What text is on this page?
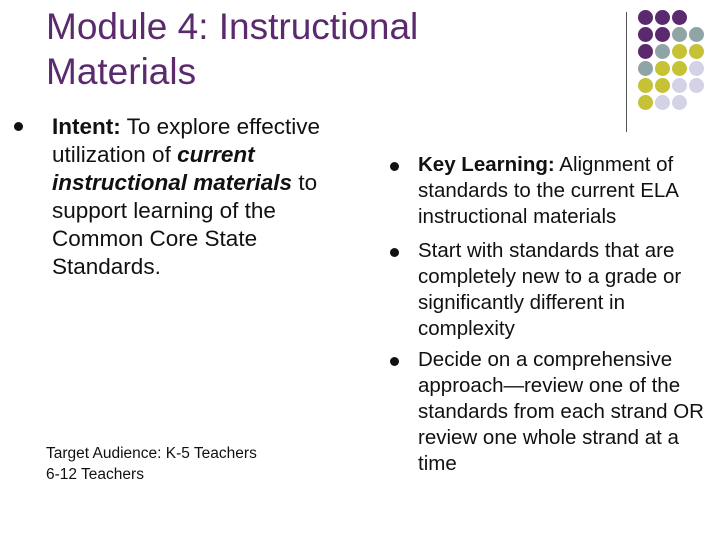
Module 4: Instructional
Materials

Intent: To explore effective utilization of current instructional materials to support learning of the Common Core State Standards.

Target Audience: K-5 Teachers
6-12 Teachers

Key Learning: Alignment of standards to the current ELA instructional materials

Start with standards that are completely new to a grade or significantly different in complexity

Decide on a comprehensive approach—review one of the standards from each strand OR review one whole strand at a time
